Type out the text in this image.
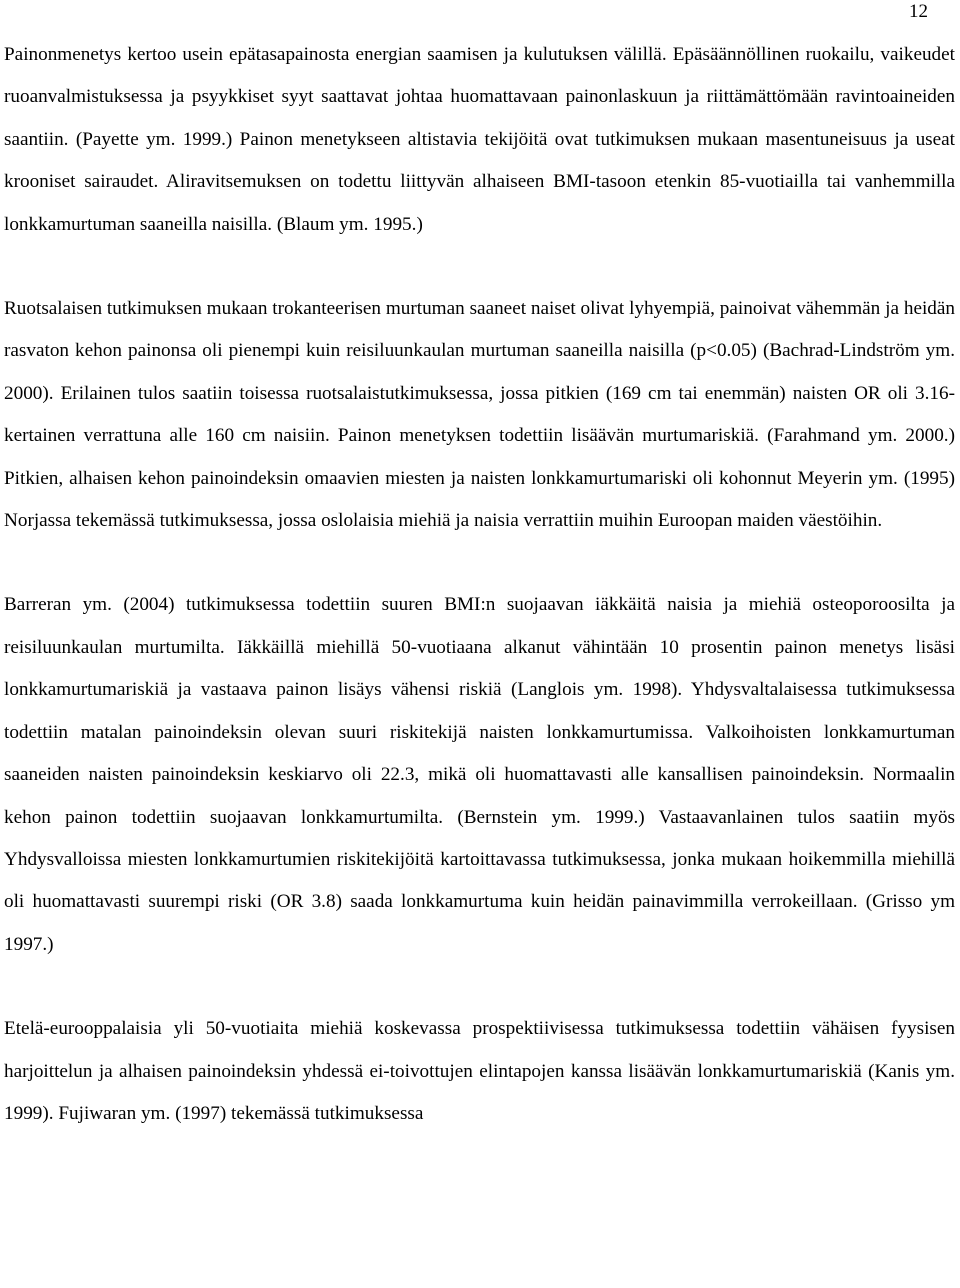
12

Painonmenetys kertoo usein epätasapainosta energian saamisen ja kulutuksen välillä. Epäsäännöllinen ruokailu, vaikeudet ruoanvalmistuksessa ja psyykkiset syyt saattavat johtaa huomattavaan painonlaskuun ja riittämättömään ravintoaineiden saantiin. (Payette ym. 1999.) Painon menetykseen altistavia tekijöitä ovat tutkimuksen mukaan masentuneisuus ja useat krooniset sairaudet. Aliravitsemuksen on todettu liittyvän alhaiseen BMI-tasoon etenkin 85-vuotiailla tai vanhemmilla lonkkamurtuman saaneilla naisilla. (Blaum ym. 1995.)

Ruotsalaisen tutkimuksen mukaan trokanteerisen murtuman saaneet naiset olivat lyhyempiä, painoivat vähemmän ja heidän rasvaton kehon painonsa oli pienempi kuin reisiluunkaulan murtuman saaneilla naisilla (p<0.05) (Bachrad-Lindström ym. 2000). Erilainen tulos saatiin toisessa ruotsalaistutkimuksessa, jossa pitkien (169 cm tai enemmän) naisten OR oli 3.16-kertainen verrattuna alle 160 cm naisiin. Painon menetyksen todettiin lisäävän murtumariskiä. (Farahmand ym. 2000.) Pitkien, alhaisen kehon painoindeksin omaavien miesten ja naisten lonkkamurtumariski oli kohonnut Meyerin ym. (1995) Norjassa tekemässä tutkimuksessa, jossa oslolaisia miehiä ja naisia verrattiin muihin Euroopan maiden väestöihin.

Barreran ym. (2004) tutkimuksessa todettiin suuren BMI:n suojaavan iäkkäitä naisia ja miehiä osteoporoosilta ja reisiluunkaulan murtumilta. Iäkkäillä miehillä 50-vuotiaana alkanut vähintään 10 prosentin painon menetys lisäsi lonkkamurtumariskiä ja vastaava painon lisäys vähensi riskiä (Langlois ym. 1998). Yhdysvaltalaisessa tutkimuksessa todettiin matalan painoindeksin olevan suuri riskitekijä naisten lonkkamurtumissa. Valkoihoisten lonkkamurtuman saaneiden naisten painoindeksin keskiarvo oli 22.3, mikä oli huomattavasti alle kansallisen painoindeksin. Normaalin kehon painon todettiin suojaavan lonkkamurtumilta. (Bernstein ym. 1999.) Vastaavanlainen tulos saatiin myös Yhdysvalloissa miesten lonkkamurtumien riskitekijöitä kartoittavassa tutkimuksessa, jonka mukaan hoikemmilla miehillä oli huomattavasti suurempi riski (OR 3.8) saada lonkkamurtuma kuin heidän painavimmilla verrokeillaan. (Grisso ym 1997.)

Etelä-eurooppalaisia yli 50-vuotiaita miehiä koskevassa prospektiivisessa tutkimuksessa todettiin vähäisen fyysisen harjoittelun ja alhaisen painoindeksin yhdessä ei-toivottujen elintapojen kanssa lisäävän lonkkamurtumariskiä (Kanis ym. 1999). Fujiwaran ym. (1997) tekemässä tutkimuksessa
